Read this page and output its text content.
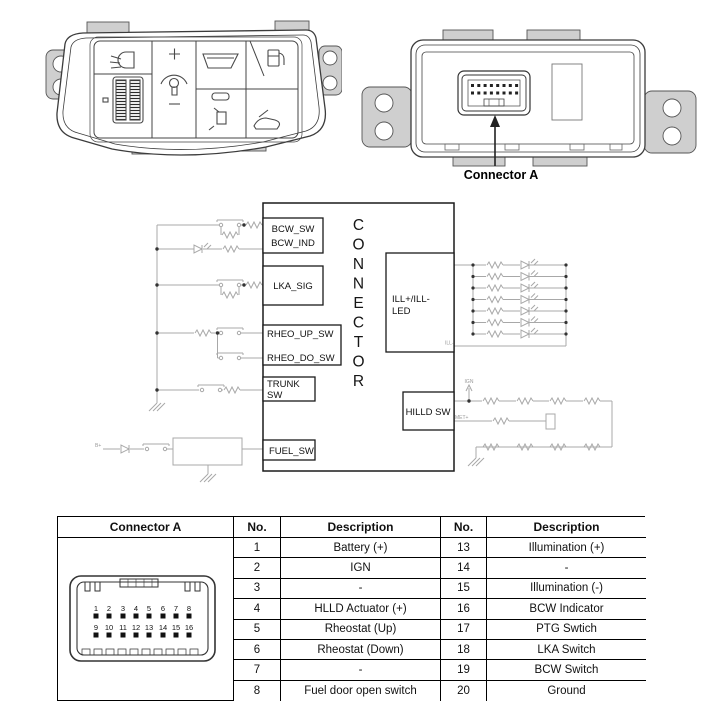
Connector A
BCW_SW
BCW_IND
LKA_SIG
RHEO_UP_SW
RHEO_DO_SW
TRUNK
SW
FUEL_SW
ILL+/ILL-
LED
HILLD SW
B+
IGN
MET+
ILL-
CONNECTOR
Connector A	No.	Description	No.	Description
1 2 3 4 5 6 7 8
9 10 11 12 13 14 15 16
1	Battery (+)	13	Illumination (+)
2	IGN	14	-
3	-	15	Illumination (-)
4	HLLD Actuator (+)	16	BCW Indicator
5	Rheostat (Up)	17	PTG Swtich
6	Rheostat (Down)	18	LKA Switch
7	-	19	BCW Switch
8	Fuel door open switch	20	Ground
